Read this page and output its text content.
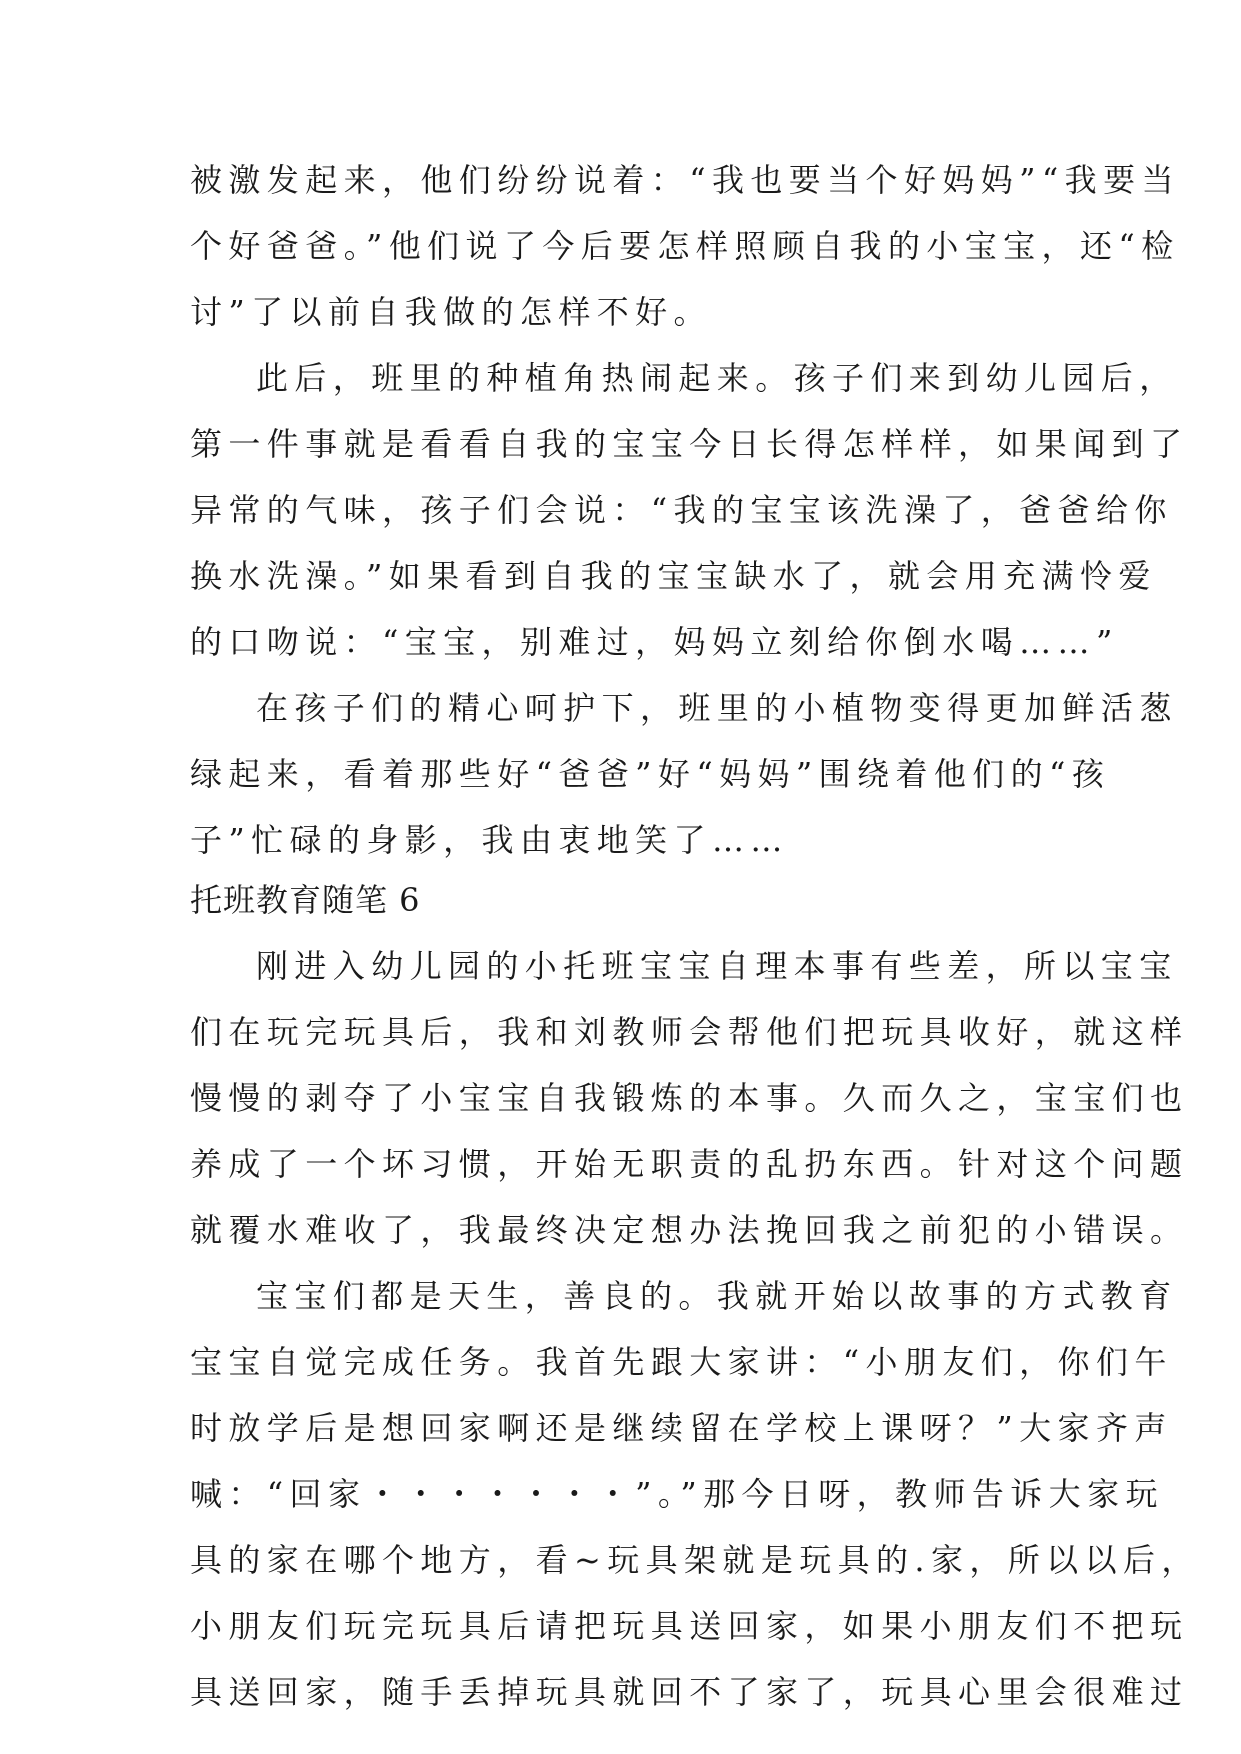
被激发起来，他们纷纷说着：“我也要当个好妈妈”“我要当
个好爸爸。”他们说了今后要怎样照顾自我的小宝宝，还“检
讨”了以前自我做的怎样不好。
此后，班里的种植角热闹起来。孩子们来到幼儿园后，
第一件事就是看看自我的宝宝今日长得怎样样，如果闻到了
异常的气味，孩子们会说：“我的宝宝该洗澡了，爸爸给你
换水洗澡。”如果看到自我的宝宝缺水了，就会用充满怜爱
的口吻说：“宝宝，别难过，妈妈立刻给你倒水喝……”
在孩子们的精心呵护下，班里的小植物变得更加鲜活葱
绿起来，看着那些好“爸爸”好“妈妈”围绕着他们的“孩
子”忙碌的身影，我由衷地笑了……
托班教育随笔 6
刚进入幼儿园的小托班宝宝自理本事有些差，所以宝宝
们在玩完玩具后，我和刘教师会帮他们把玩具收好，就这样
慢慢的剥夺了小宝宝自我锻炼的本事。久而久之，宝宝们也
养成了一个坏习惯，开始无职责的乱扔东西。针对这个问题
就覆水难收了，我最终决定想办法挽回我之前犯的小错误。
宝宝们都是天生，善良的。我就开始以故事的方式教育
宝宝自觉完成任务。我首先跟大家讲：“小朋友们，你们午
时放学后是想回家啊还是继续留在学校上课呀？”大家齐声
喊：“回家・・・・・・・”。”那今日呀，教师告诉大家玩
具的家在哪个地方，看~玩具架就是玩具的.家，所以以后，
小朋友们玩完玩具后请把玩具送回家，如果小朋友们不把玩
具送回家，随手丢掉玩具就回不了家了，玩具心里会很难过
